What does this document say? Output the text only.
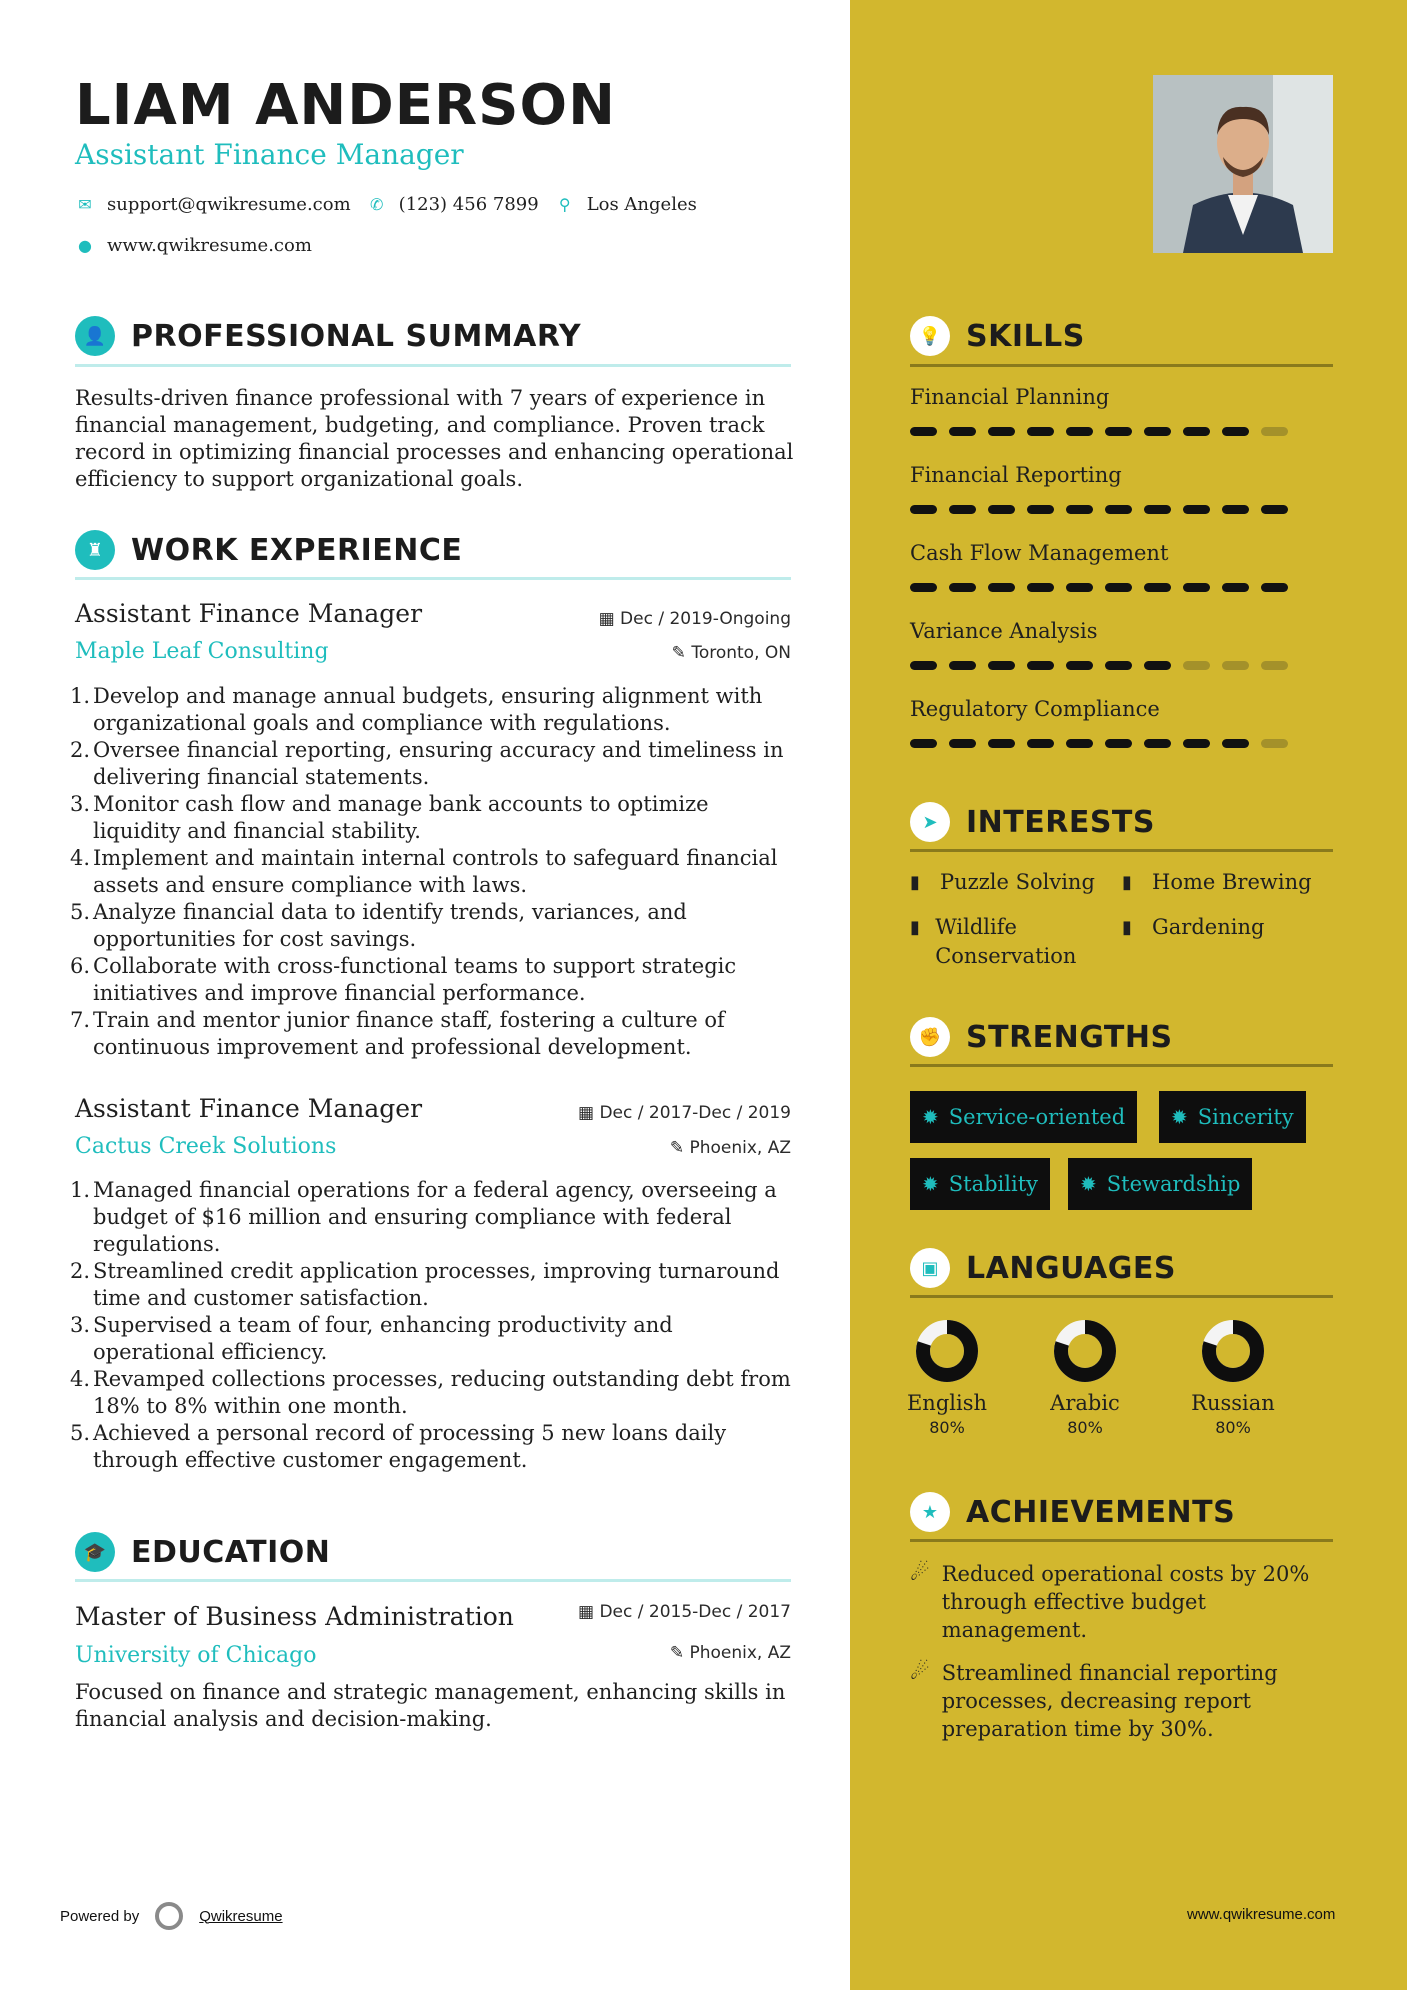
LIAM ANDERSON
Assistant Finance Manager
✉ support@qwikresume.com ✆ (123) 456 7899 ⚲ Los Angeles
● www.qwikresume.com
👤 PROFESSIONAL SUMMARY
Results-driven finance professional with 7 years of experience in financial management, budgeting, and compliance. Proven track record in optimizing financial processes and enhancing operational efficiency to support organizational goals.
♜ WORK EXPERIENCE
Assistant Finance Manager	▦ Dec / 2019-Ongoing
Maple Leaf Consulting	✎ Toronto, ON
1. Develop and manage annual budgets, ensuring alignment with organizational goals and compliance with regulations.
2. Oversee financial reporting, ensuring accuracy and timeliness in delivering financial statements.
3. Monitor cash flow and manage bank accounts to optimize liquidity and financial stability.
4. Implement and maintain internal controls to safeguard financial assets and ensure compliance with laws.
5. Analyze financial data to identify trends, variances, and opportunities for cost savings.
6. Collaborate with cross-functional teams to support strategic initiatives and improve financial performance.
7. Train and mentor junior finance staff, fostering a culture of continuous improvement and professional development.
Assistant Finance Manager	▦ Dec / 2017-Dec / 2019
Cactus Creek Solutions	✎ Phoenix, AZ
1. Managed financial operations for a federal agency, overseeing a budget of $16 million and ensuring compliance with federal regulations.
2. Streamlined credit application processes, improving turnaround time and customer satisfaction.
3. Supervised a team of four, enhancing productivity and operational efficiency.
4. Revamped collections processes, reducing outstanding debt from 18% to 8% within one month.
5. Achieved a personal record of processing 5 new loans daily through effective customer engagement.
🎓 EDUCATION
Master of Business Administration	▦ Dec / 2015-Dec / 2017
University of Chicago	✎ Phoenix, AZ
Focused on finance and strategic management, enhancing skills in financial analysis and decision-making.
Powered by	Qwikresume
💡 SKILLS
Financial Planning
Financial Reporting
Cash Flow Management
Variance Analysis
Regulatory Compliance
➤ INTERESTS
▮ Puzzle Solving ▮ Home Brewing
▮ Wildlife Conservation
▮ Gardening
✊ STRENGTHS
✹ Service-oriented ✹ Sincerity
✹ Stability ✹ Stewardship
▣ LANGUAGES
English
80%
Arabic
80%
Russian
80%
★ ACHIEVEMENTS
☄ Reduced operational costs by 20% through effective budget management.
☄ Streamlined financial reporting processes, decreasing report preparation time by 30%.
www.qwikresume.com
